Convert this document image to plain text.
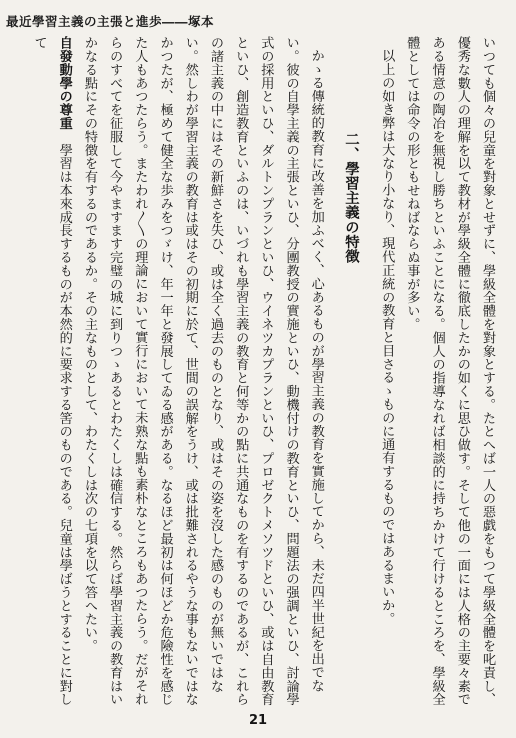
最近學習主義の主張と進歩――塚本

いつても個々の兒童を對象とせずに、學級全體を對象とする。たとへば一人の惡戯をもつて學級全體を叱責し、優秀な數人の理解を以て教材が學級全體に徹底したかの如くに思ひ做す。そして他の一面には人格の主要々素である情意の陶冶を無視し勝ちといふことになる。個人の指導なれば相談的に持ちかけて行けるところを、學級全體としては命令の形ともせねばならぬ事が多い。

以上の如き弊は大なり小なり、現代正統の教育と目さるゝものに通有するものではあるまいか。

二、學習主義の特徴

かゝる傳統的教育に改善を加ふべく、心あるものが學習主義の教育を實施してから、未だ四半世紀を出でない。彼の自學主義の主張といひ、分團教授の實施といひ、動機付けの教育といひ、問題法の强調といひ、討論學式の採用といひ、ダルトンプランといひ、ウイネツカプランといひ、プロゼクトメソツドといひ、或は自由教育といひ、創造教育といふのは、いづれも學習主義の教育と何等かの點に共通なものを有するのであるが、これらの諸主義の中にはその新鮮さを失ひ、或は全く過去のものとなり、或はその姿を沒した感のものが無いではない。然しわが學習主義の教育は或はその初期に於て、世間の誤解をうけ、或は批難されるやうな事もないではなかつたが、極めて健全な歩みをつゞけ、年一年と發展してゐる感がある。なるほど最初は何ほどか危險性を感じた人もあつたらう。またわれ〳〵の理論において實行において未熟な點も素朴なところもあつたらう。だがそれらのすべてを征服して今やますます完璧の城に到りつゝあるとわたくしは確信する。然らば學習主義の教育はいかなる點にその特徴を有するのであるか。その主なものとして、わたくしは次の七項を以て答へたい。

自發動學の尊重　學習は本來成長するものが本然的に要求する筈のものである。兒童は學ばうとすることに對して

21
